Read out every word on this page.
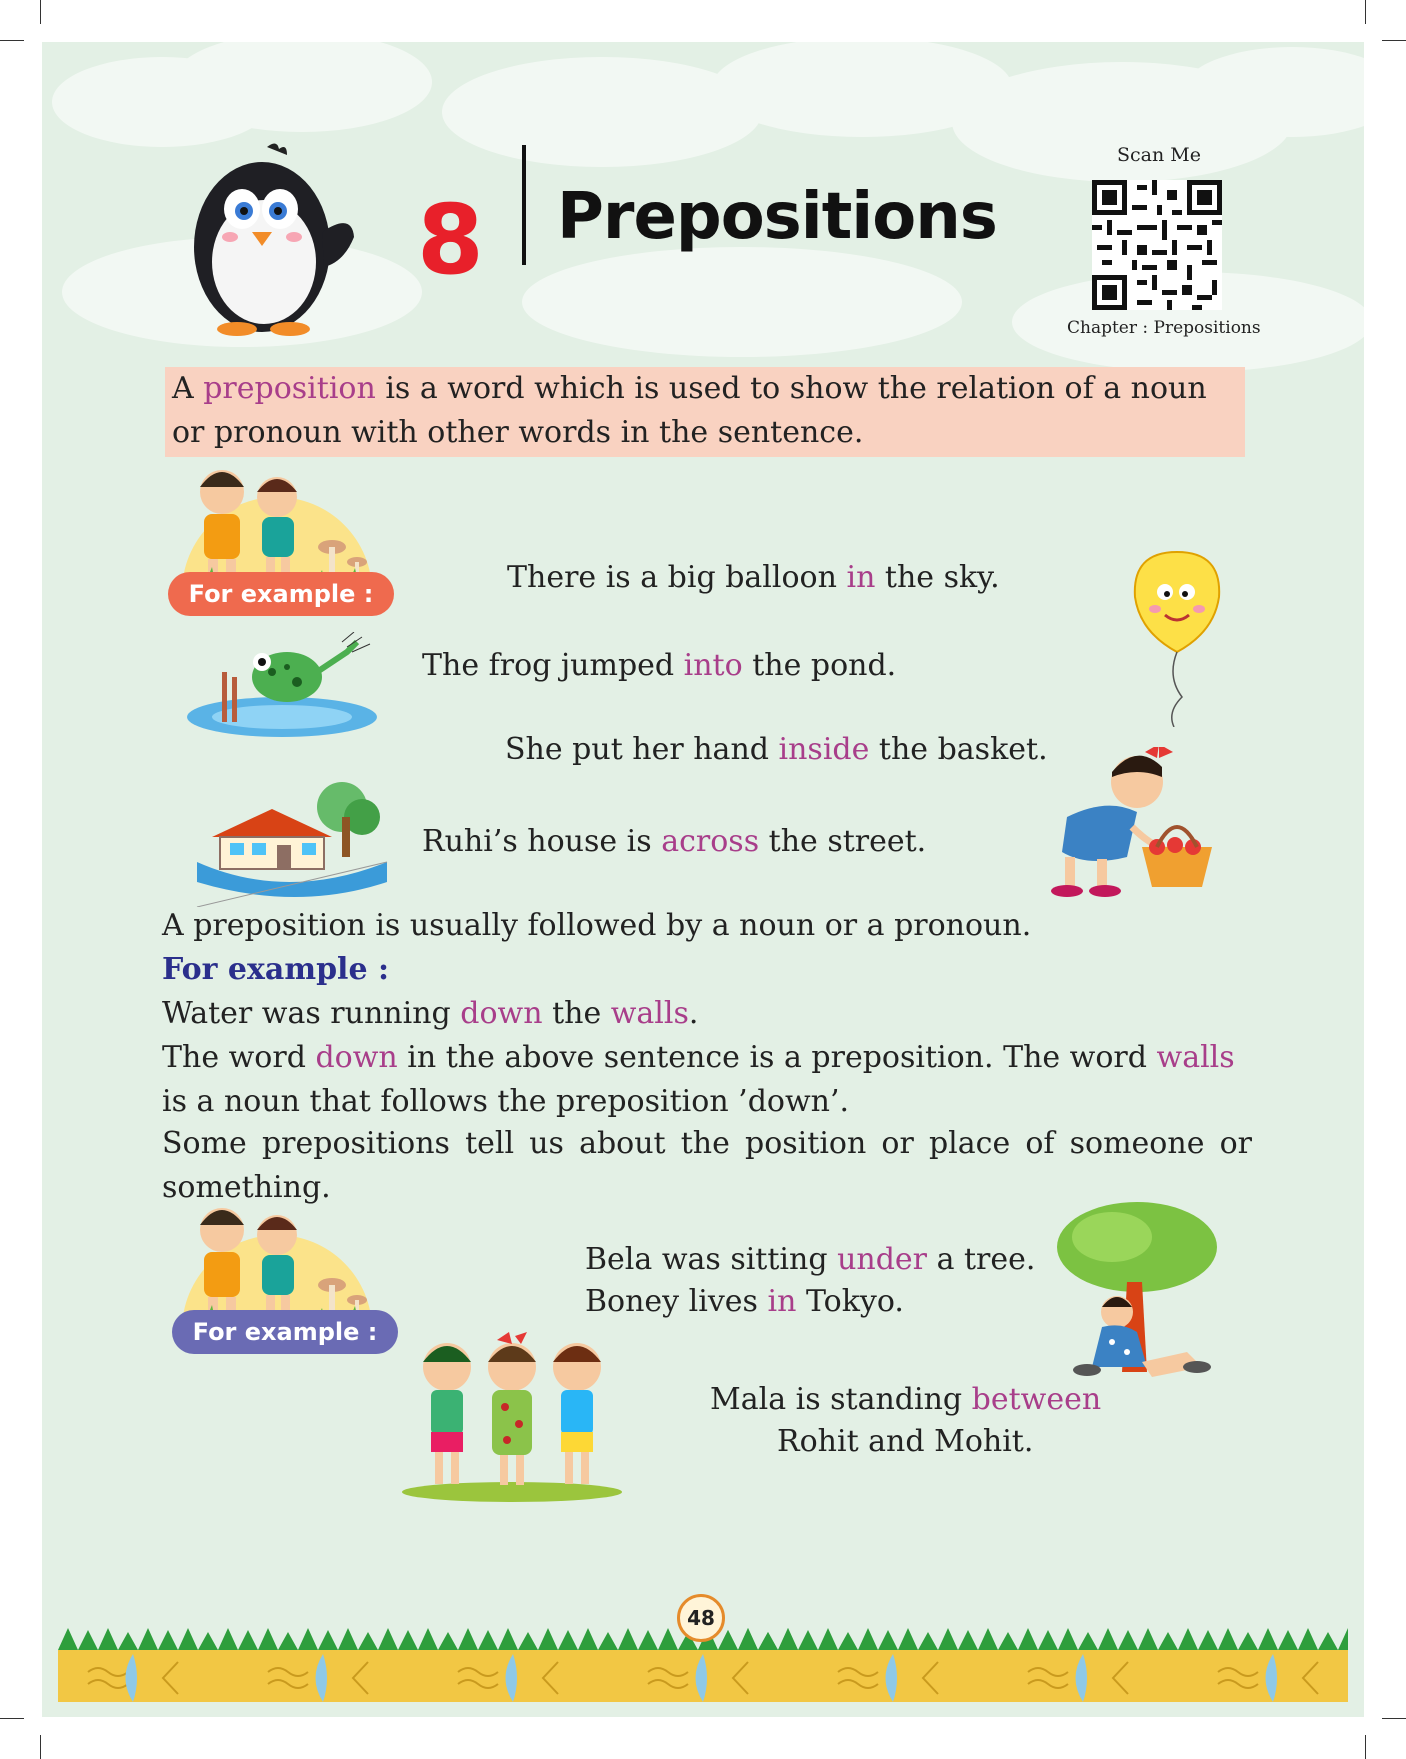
8 Prepositions
Scan Me
Chapter : Prepositions
A preposition is a word which is used to show the relation of a noun or pronoun with other words in the sentence.
For example :	There is a big balloon in the sky.
The frog jumped into the pond.
She put her hand inside the basket.
Ruhi’s house is across the street.
A preposition is usually followed by a noun or a pronoun.
For example :
Water was running down the walls.
The word down in the above sentence is a preposition. The word walls is a noun that follows the preposition ’down’.
Some prepositions tell us about the position or place of someone or something.
For example :
Bela was sitting under a tree.
Boney lives in Tokyo.
Mala is standing between
Rohit and Mohit.
48
